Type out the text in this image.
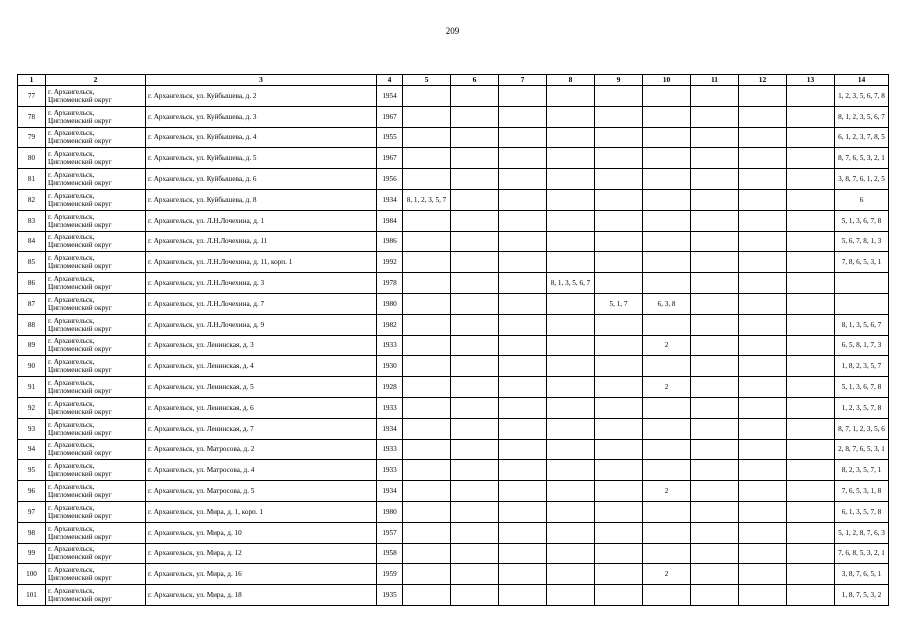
209
1	2	3	4	5	6	7	8	9	10	11	12	13	14
77	г. Архангельск,
Цигломенский округ	г. Архангельск, ул. Куйбышева, д. 2	1954										1, 2, 3, 5, 6, 7, 8
78	г. Архангельск,
Цигломенский округ	г. Архангельск, ул. Куйбышева, д. 3	1967										8, 1, 2, 3, 5, 6, 7
79	г. Архангельск,
Цигломенский округ	г. Архангельск, ул. Куйбышева, д. 4	1955										6, 1, 2, 3, 7, 8, 5
80	г. Архангельск,
Цигломенский округ	г. Архангельск, ул. Куйбышева, д. 5	1967										8, 7, 6, 5, 3, 2, 1
81	г. Архангельск,
Цигломенский округ	г. Архангельск, ул. Куйбышева, д. 6	1956										3, 8, 7, 6, 1, 2, 5
82	г. Архангельск,
Цигломенский округ	г. Архангельск, ул. Куйбышева, д. 8	1934	8, 1, 2, 3, 5, 7									6
83	г. Архангельск,
Цигломенский округ	г. Архангельск, ул. Л.Н.Лочехина, д. 1	1984										5, 1, 3, 6, 7, 8
84	г. Архангельск,
Цигломенский округ	г. Архангельск, ул. Л.Н.Лочехина, д. 11	1986										5, 6, 7, 8, 1, 3
85	г. Архангельск,
Цигломенский округ	г. Архангельск, ул. Л.Н.Лочехина, д. 11, корп. 1	1992										7, 8, 6, 5, 3, 1
86	г. Архангельск,
Цигломенский округ	г. Архангельск, ул. Л.Н.Лочехина, д. 3	1978				8, 1, 3, 5, 6, 7						
87	г. Архангельск,
Цигломенский округ	г. Архангельск, ул. Л.Н.Лочехина, д. 7	1980					5, 1, 7	6, 3, 8				
88	г. Архангельск,
Цигломенский округ	г. Архангельск, ул. Л.Н.Лочехина, д. 9	1982										8, 1, 3, 5, 6, 7
89	г. Архангельск,
Цигломенский округ	г. Архангельск, ул. Ленинская, д. 3	1933						2				6, 5, 8, 1, 7, 3
90	г. Архангельск,
Цигломенский округ	г. Архангельск, ул. Ленинская, д. 4	1930										1, 8, 2, 3, 5, 7
91	г. Архангельск,
Цигломенский округ	г. Архангельск, ул. Ленинская, д. 5	1928						2				5, 1, 3, 6, 7, 8
92	г. Архангельск,
Цигломенский округ	г. Архангельск, ул. Ленинская, д. 6	1933										1, 2, 3, 5, 7, 8
93	г. Архангельск,
Цигломенский округ	г. Архангельск, ул. Ленинская, д. 7	1934										8, 7, 1, 2, 3, 5, 6
94	г. Архангельск,
Цигломенский округ	г. Архангельск, ул. Матросова, д. 2	1933										2, 8, 7, 6, 5, 3, 1
95	г. Архангельск,
Цигломенский округ	г. Архангельск, ул. Матросова, д. 4	1933										8, 2, 3, 5, 7, 1
96	г. Архангельск,
Цигломенский округ	г. Архангельск, ул. Матросова, д. 5	1934						2				7, 6, 5, 3, 1, 8
97	г. Архангельск,
Цигломенский округ	г. Архангельск, ул. Мира, д. 1, корп. 1	1980										6, 1, 3, 5, 7, 8
98	г. Архангельск,
Цигломенский округ	г. Архангельск, ул. Мира, д. 10	1957										5, 1, 2, 8, 7, 6, 3
99	г. Архангельск,
Цигломенский округ	г. Архангельск, ул. Мира, д. 12	1958										7, 6, 8, 5, 3, 2, 1
100	г. Архангельск,
Цигломенский округ	г. Архангельск, ул. Мира, д. 16	1959						2				3, 8, 7, 6, 5, 1
101	г. Архангельск,
Цигломенский округ	г. Архангельск, ул. Мира, д. 18	1935										1, 8, 7, 5, 3, 2
